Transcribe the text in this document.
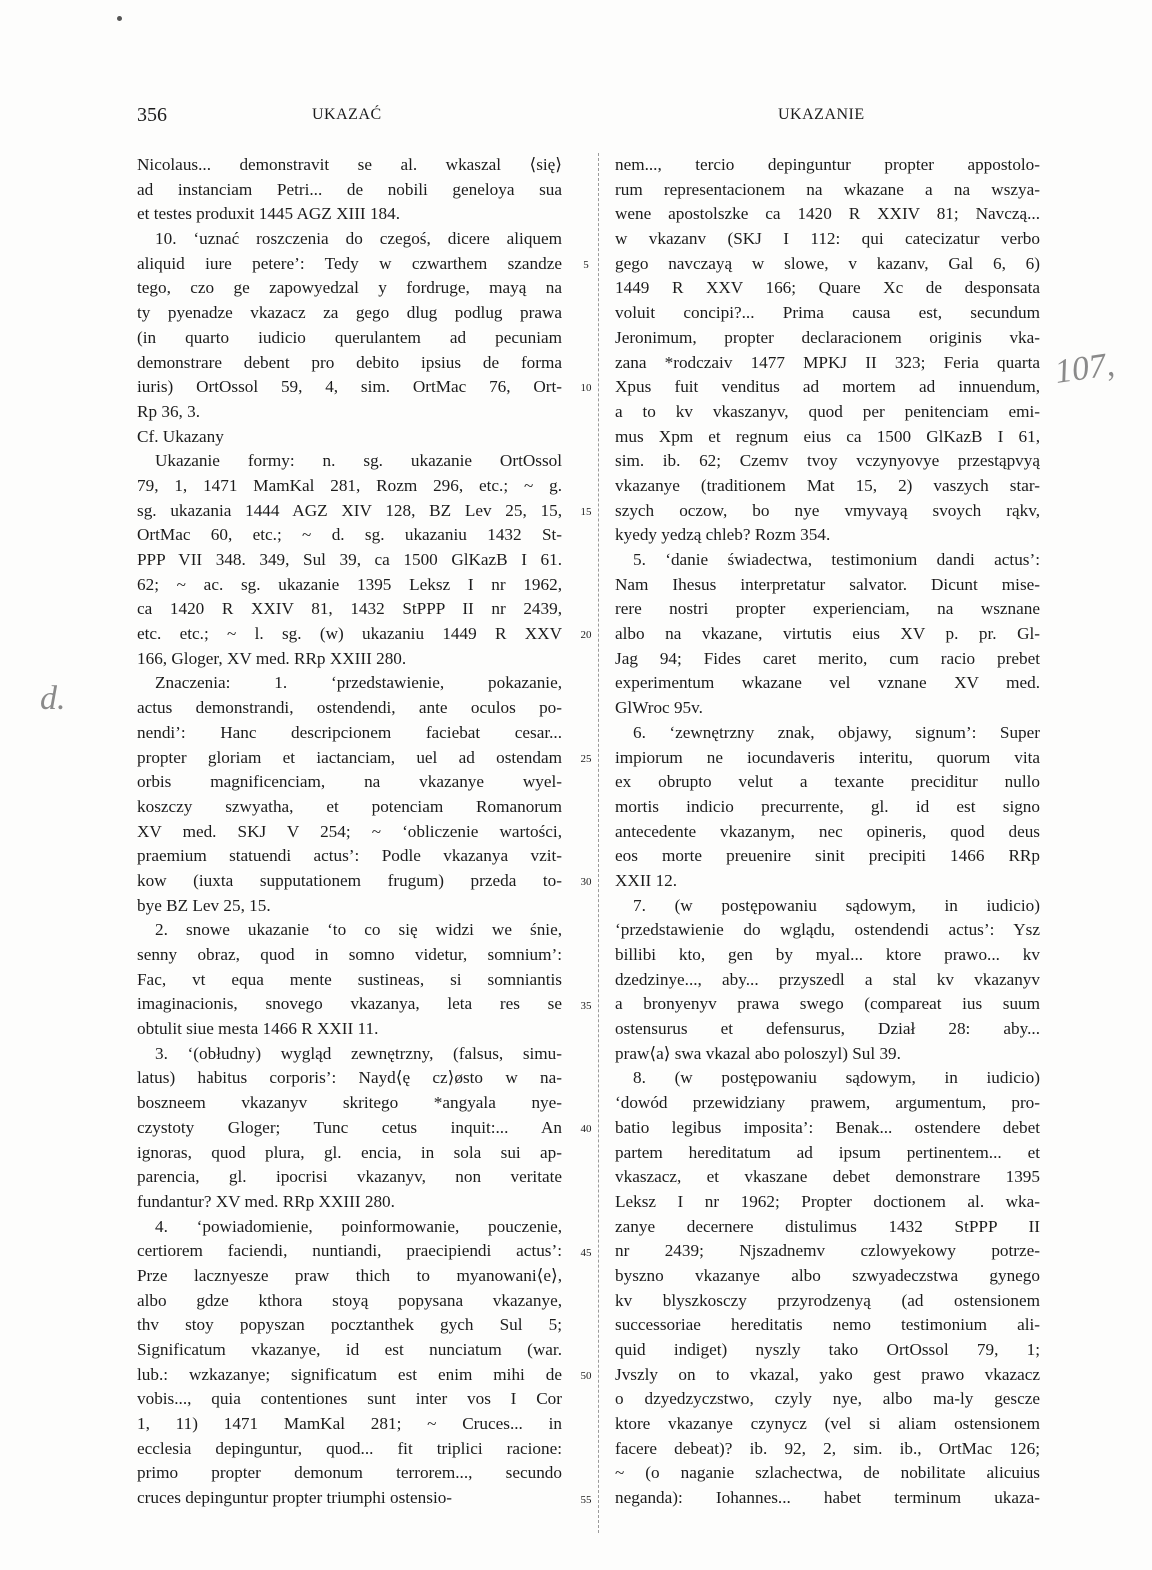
356	UKAZAĆ	UKAZANIE
d.
107,
Nicolaus... demonstravit se al. wkaszal ⟨się⟩
ad instanciam Petri... de nobili geneloya sua
et testes produxit 1445 AGZ XIII 184.
10. ‘uznać roszczenia do czegoś, dicere aliquem
aliquid iure petere’: Tedy w czwarthem szandze
tego, czo ge zapowyedzal y fordruge, mayą na
ty pyenadze vkazacz za gego dlug podlug prawa
(in quarto iudicio querulantem ad pecuniam
demonstrare debent pro debito ipsius de forma
iuris) OrtOssol 59, 4, sim. OrtMac 76, Ort-
Rp 36, 3.
Cf. Ukazany
Ukazanie formy: n. sg. ukazanie OrtOssol
79, 1, 1471 MamKal 281, Rozm 296, etc.; ~ g.
sg. ukazania 1444 AGZ XIV 128, BZ Lev 25, 15,
OrtMac 60, etc.; ~ d. sg. ukazaniu 1432 St-
PPP VII 348. 349, Sul 39, ca 1500 GlKazB I 61.
62; ~ ac. sg. ukazanie 1395 Leksz I nr 1962,
ca 1420 R XXIV 81, 1432 StPPP II nr 2439,
etc. etc.; ~ l. sg. (w) ukazaniu 1449 R XXV
166, Gloger, XV med. RRp XXIII 280.
Znaczenia: 1. ‘przedstawienie, pokazanie,
actus demonstrandi, ostendendi, ante oculos po-
nendi’: Hanc descripcionem faciebat cesar...
propter gloriam et iactanciam, uel ad ostendam
orbis magnificenciam, na vkazanye wyel-
koszczy szwyatha, et potenciam Romanorum
XV med. SKJ V 254; ~ ‘obliczenie wartości,
praemium statuendi actus’: Podle vkazanya vzit-
kow (iuxta supputationem frugum) przeda to-
bye BZ Lev 25, 15.
2. snowe ukazanie ‘to co się widzi we śnie,
senny obraz, quod in somno videtur, somnium’:
Fac, vt equa mente sustineas, si somniantis
imaginacionis, snovego vkazanya, leta res se
obtulit siue mesta 1466 R XXII 11.
3. ‘(obłudny) wygląd zewnętrzny, (falsus, simu-
latus) habitus corporis’: Nayd⟨ę cz⟩østo w na-
boszneem vkazanyv skritego *angyala nye-
czystoty Gloger; Tunc cetus inquit:... An
ignoras, quod plura, gl. encia, in sola sui ap-
parencia, gl. ipocrisi vkazanyv, non veritate
fundantur? XV med. RRp XXIII 280.
4. ‘powiadomienie, poinformowanie, pouczenie,
certiorem faciendi, nuntiandi, praecipiendi actus’:
Prze lacznyesze praw thich to myanowani⟨e⟩,
albo gdze kthora stoyą popysana vkazanye,
thv stoy popyszan pocztanthek gych Sul 5;
Significatum vkazanye, id est nunciatum (war.
lub.: wzkazanye; significatum est enim mihi de
vobis..., quia contentiones sunt inter vos I Cor
1, 11) 1471 MamKal 281; ~ Cruces... in
ecclesia depinguntur, quod... fit triplici racione:
primo propter demonum terrorem..., secundo
cruces depinguntur propter triumphi ostensio-
5
10
15
20
25
30
35
40
45
50
55
nem..., tercio depinguntur propter appostolo-
rum representacionem na wkazane a na wszya-
wene apostolszke ca 1420 R XXIV 81; Navczą...
w vkazanv (SKJ I 112: qui catecizatur verbo
gego navczayą w slowe, v kazanv, Gal 6, 6)
1449 R XXV 166; Quare Xc de desponsata
voluit concipi?... Prima causa est, secundum
Jeronimum, propter declaracionem originis vka-
zana *rodczaiv 1477 MPKJ II 323; Feria quarta
Xpus fuit venditus ad mortem ad innuendum,
a to kv vkaszanyv, quod per penitenciam emi-
mus Xpm et regnum eius ca 1500 GlKazB I 61,
sim. ib. 62; Czemv tvoy vczynyovye przestąpvyą
vkazanye (traditionem Mat 15, 2) vaszych star-
szych oczow, bo nye vmyvayą svoych rąkv,
kyedy yedzą chleb? Rozm 354.
5. ‘danie świadectwa, testimonium dandi actus’:
Nam Ihesus interpretatur salvator. Dicunt mise-
rere nostri propter experienciam, na wsznane
albo na vkazane, virtutis eius XV p. pr. Gl-
Jag 94; Fides caret merito, cum racio prebet
experimentum wkazane vel vznane XV med.
GlWroc 95v.
6. ‘zewnętrzny znak, objawy, signum’: Super
impiorum ne iocundaveris interitu, quorum vita
ex obrupto velut a texante preciditur nullo
mortis indicio precurrente, gl. id est signo
antecedente vkazanym, nec opineris, quod deus
eos morte preuenire sinit precipiti 1466 RRp
XXII 12.
7. (w postępowaniu sądowym, in iudicio)
‘przedstawienie do wglądu, ostendendi actus’: Ysz
billibi kto, gen by myal... ktore prawo... kv
dzedzinye..., aby... przyszedl a stal kv vkazanyv
a bronyenyv prawa swego (compareat ius suum
ostensurus et defensurus, Dział 28: aby...
praw⟨a⟩ swa vkazal abo poloszyl) Sul 39.
8. (w postępowaniu sądowym, in iudicio)
‘dowód przewidziany prawem, argumentum, pro-
batio legibus imposita’: Benak... ostendere debet
partem hereditatum ad ipsum pertinentem... et
vkaszacz, et vkaszane debet demonstrare 1395
Leksz I nr 1962; Propter doctionem al. wka-
zanye decernere distulimus 1432 StPPP II
nr 2439; Njszadnemv czlowyekowy potrze-
byszno vkazanye albo szwyadeczstwa gynego
kv blyszkosczy przyrodzenyą (ad ostensionem
successoriae hereditatis nemo testimonium ali-
quid indiget) nyszly tako OrtOssol 79, 1;
Jvszly on to vkazal, yako gest prawo vkazacz
o dzyedzyczstwo, czyly nye, albo ma-ly gescze
ktore vkazanye czynycz (vel si aliam ostensionem
facere debeat)? ib. 92, 2, sim. ib., OrtMac 126;
~ (o naganie szlachectwa, de nobilitate alicuius
neganda): Iohannes... habet terminum ukaza-
